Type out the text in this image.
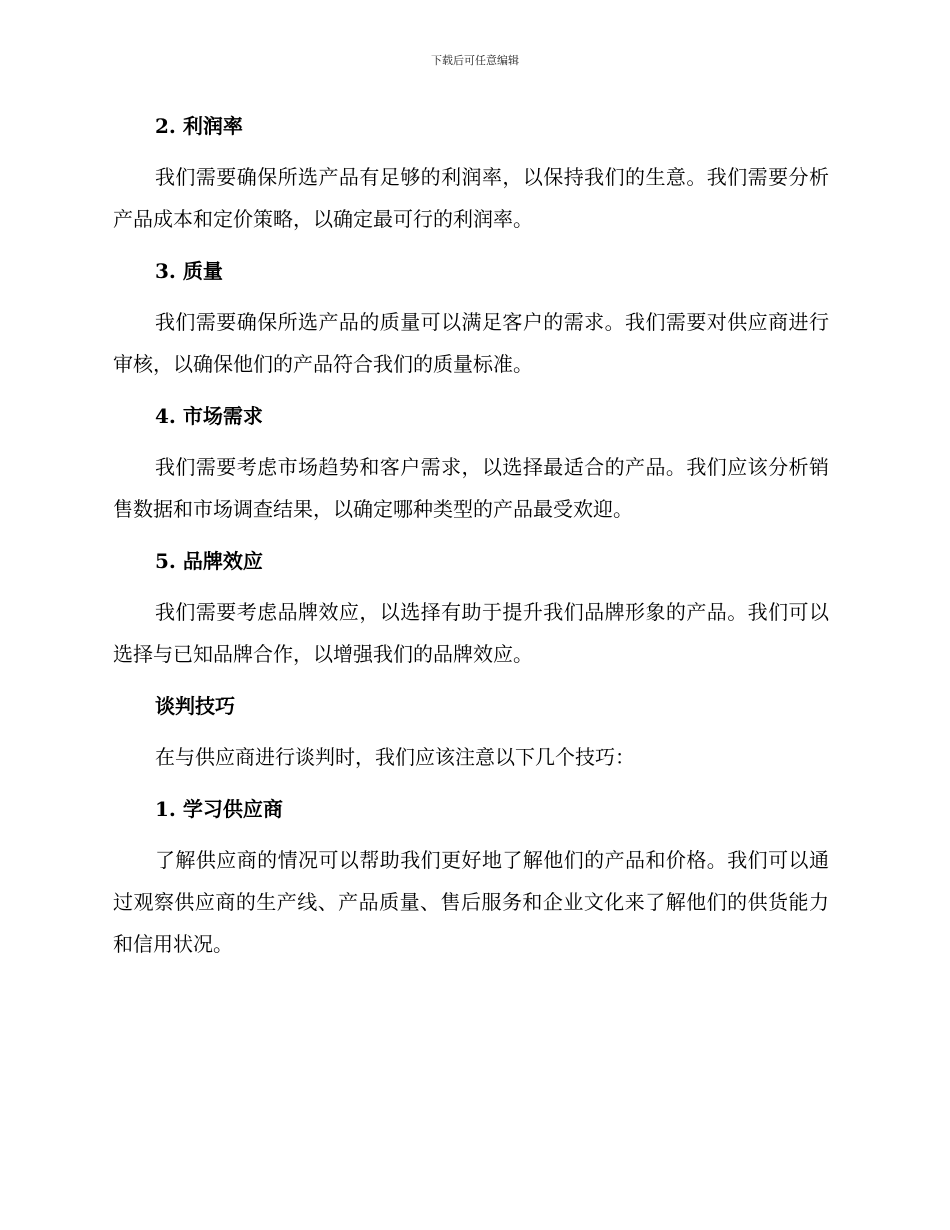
下载后可任意编辑
2. 利润率

我们需要确保所选产品有足够的利润率，以保持我们的生意。我们需要分析产品成本和定价策略，以确定最可行的利润率。

3. 质量

我们需要确保所选产品的质量可以满足客户的需求。我们需要对供应商进行审核，以确保他们的产品符合我们的质量标准。

4. 市场需求

我们需要考虑市场趋势和客户需求，以选择最适合的产品。我们应该分析销售数据和市场调查结果，以确定哪种类型的产品最受欢迎。

5. 品牌效应

我们需要考虑品牌效应，以选择有助于提升我们品牌形象的产品。我们可以选择与已知品牌合作，以增强我们的品牌效应。

谈判技巧

在与供应商进行谈判时，我们应该注意以下几个技巧：

1. 学习供应商

了解供应商的情况可以帮助我们更好地了解他们的产品和价格。我们可以通过观察供应商的生产线、产品质量、售后服务和企业文化来了解他们的供货能力和信用状况。
